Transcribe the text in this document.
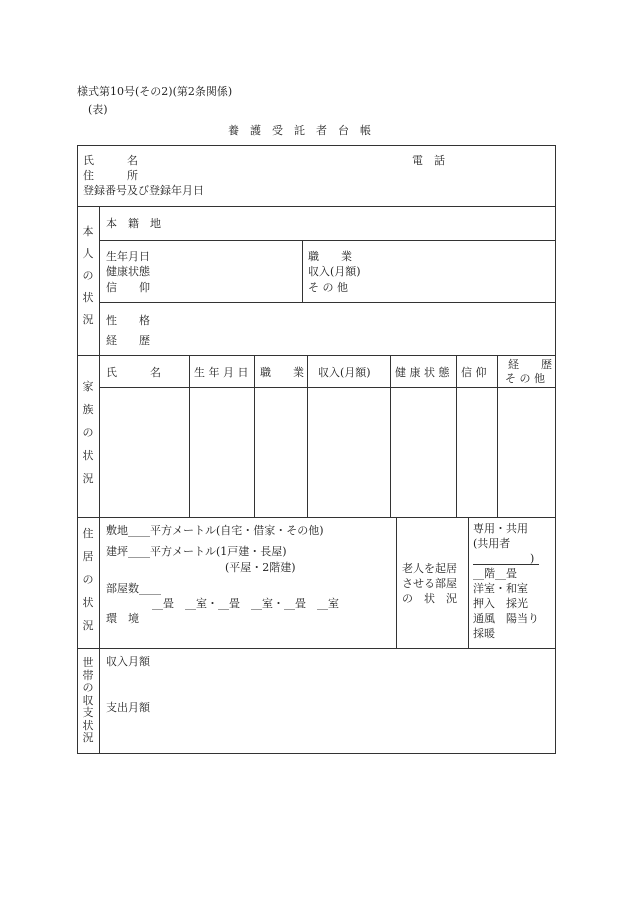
様式第10号(その2)(第2条関係)
(表)
養　護　受　託　者　台　帳
氏　　　名	電　話
住　　　所
登録番号及び登録年月日
本
人
の
状
況
本　籍　地
生年月日
健康状態
信　　仰
職　　業
収入(月額)
そ の 他
性　　格
経　　歴
家
族
の
状
況
氏　　　名	生 年 月 日 職　　業 収入(月額) 健 康 状 態 信 仰
経　　歴
そ の 他
住
居
の
状
況
敷地____平方メートル(自宅・借家・その他)
建坪____平方メートル(1戸建・長屋)
(平屋・2階建)
部屋数____
__畳　__室・__畳　__室・__畳　__室
環　境
老人を起居
させる部屋
の　状　況
専用・共用
(共用者
)
__階__畳
洋室・和室
押入　採光
通風　陽当り
採暖
世
帯
の
収
支
状
況
収入月額
支出月額
